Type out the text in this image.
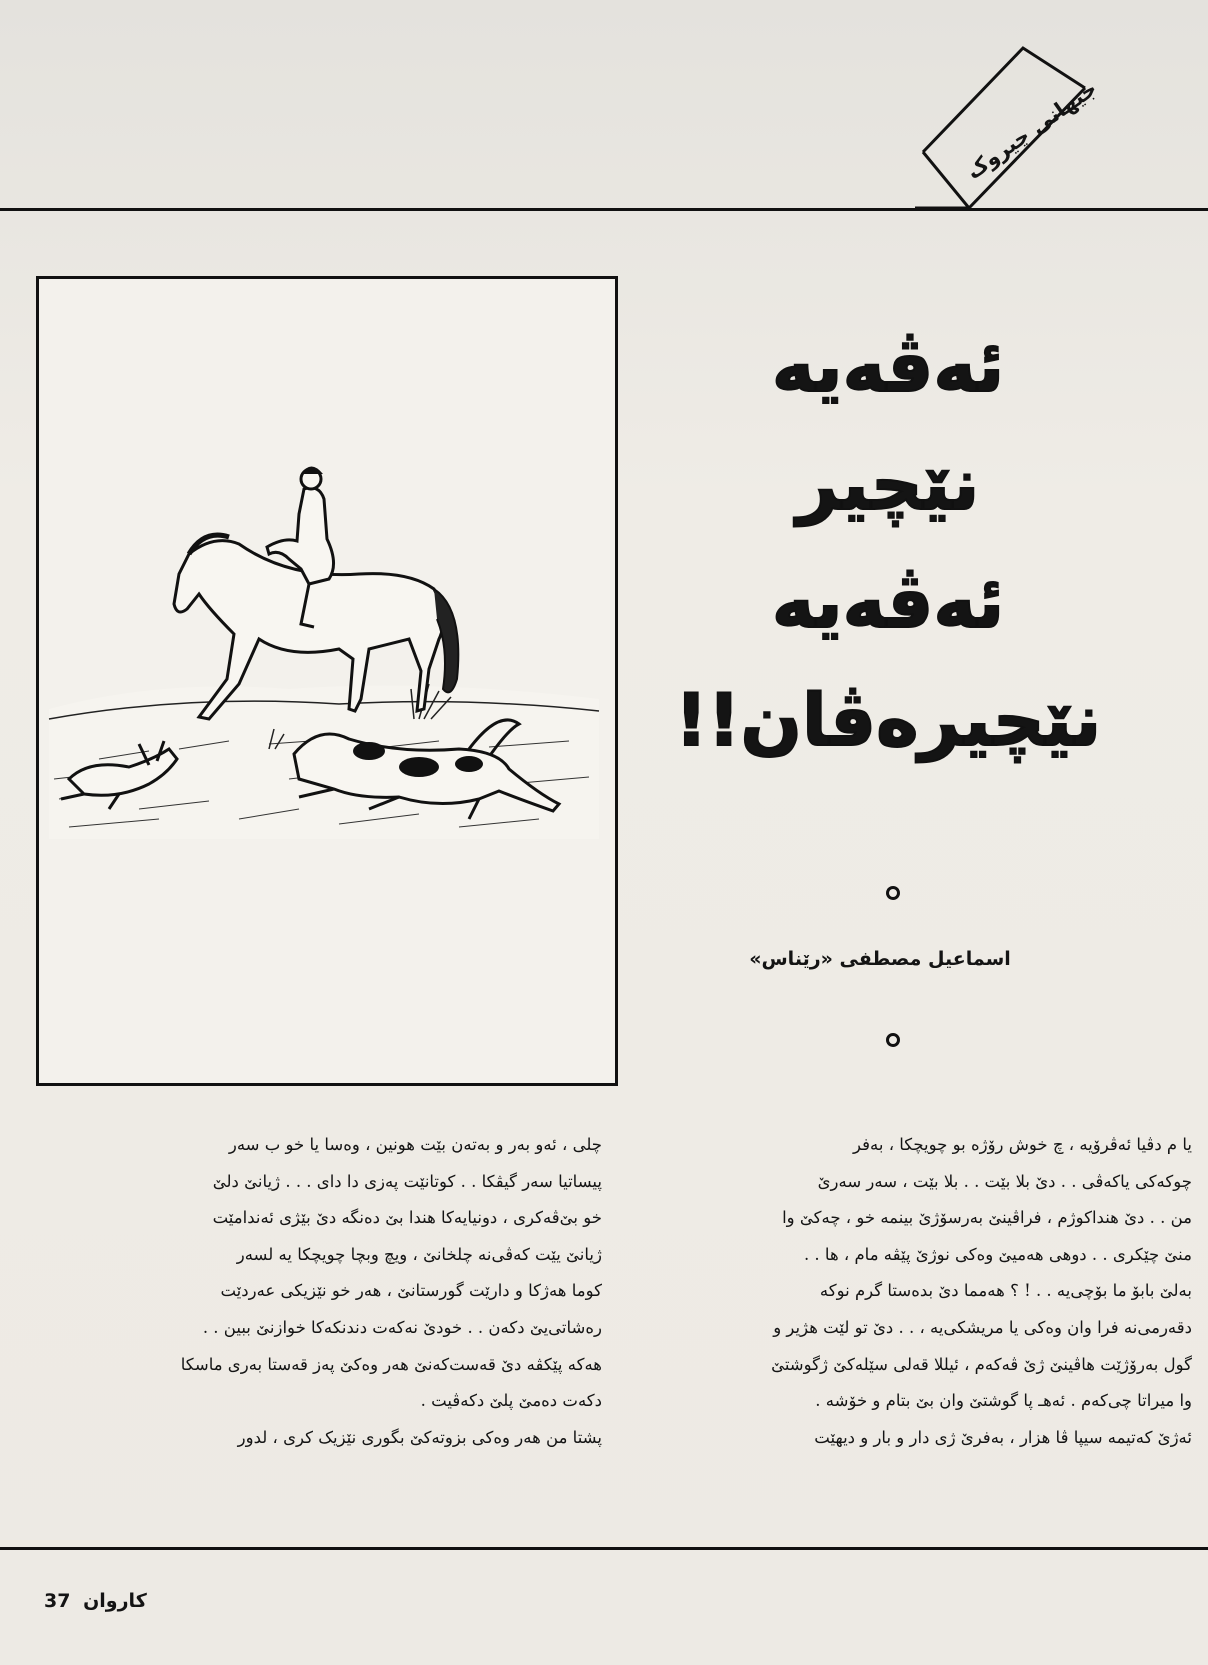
جیهانی چیروک
ئەڤەیە
نێچیر
ئەڤەیە
نێچیرەڤان!!
اسماعیل مصطفی «رێناس»

یا م دڤیا ئەڤرۆیە ، چ خوش رۆژە بو چویچکا ، بەفر

چوکەکی یاکەڤی . . دێ بلا بێت . . بلا بێت ، سەر سەرێ

من . . دێ هنداکوژم ، فراڤینێ بەرسۆژێ بینمە خو ، چەکێ وا

منێ چێکری . . دوهی هەمیێ وەکی نوژێ پێڤە مام ، ها . .

بەلێ بابۆ ما بۆچی‌یە . . ! ؟ هەمما دێ بدەستا گرم نوکە

دقەرمی‌نە فرا وان وەکی یا مریشکی‌یە ، . . دێ تو لێت هژیر و

گول بەرۆژێت هاڤینێ ژێ ڤەکەم ، ئیللا قەلی سێلەکێ ژگوشتێ

وا میراتا چی‌کەم . ئەهـ پا گوشتێ وان بێ بتام و خۆشە .

ئەژێ کەتیمە سیپا ڤا هزار ، بەفرێ ژی دار و بار و دیهێت

چلی ، ئەو بەر و بەتەن بێت هونین ، وەسا یا خو ب سەر

پیساتیا سەر گیڤکا . . کوتانێت پەزی دا دای . . . ژیانێ دلێ

خو بێ‌ڤەکری ، دونیایەکا هندا بێ دەنگە دێ بێژی ئەندامێت

ژیانێ یێت کەڤی‌نە چلخانێ ، ویچ وبچا چویچکا یە لسەر

کوما هەژکا و دارێت گورستانێ ، هەر خو نێزیکی عەردێت

رەشاتی‌یێ دکەن . . خودێ نەکەت دندنکەکا خوازنێ ببین . .

هەکە پێکڤە دێ قەست‌کەنێ هەر وەکێ پەز قەستا بەری ماسکا

دکەت دەمێ پلێ دکەڤیت .

پشتا من هەر وەکی بزوتەکێ بگوری نێزیک کری ، لدور

37 كاروان
